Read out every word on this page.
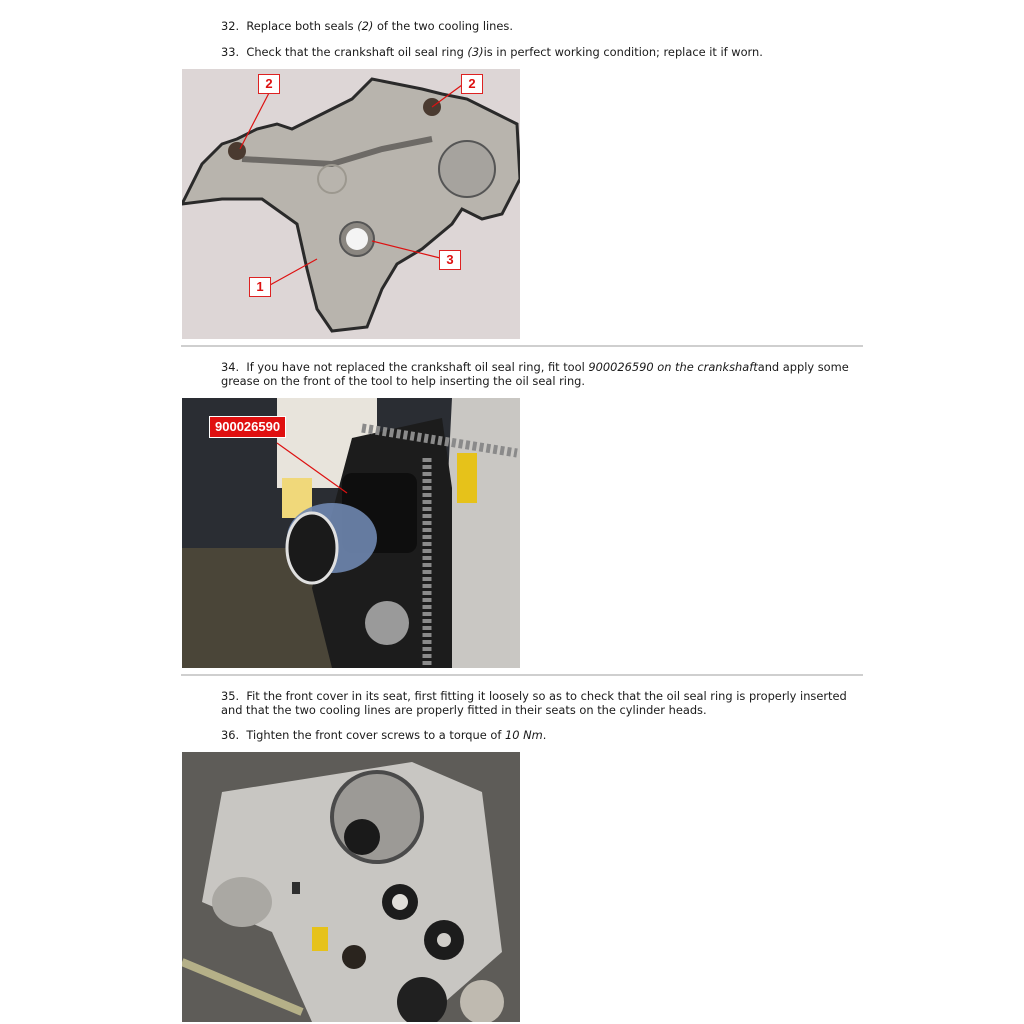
32. Replace both seals (2) of the two cooling lines.
33. Check that the crankshaft oil seal ring (3)is in perfect working condition; replace it if worn.
2	2
3
1
34. If you have not replaced the crankshaft oil seal ring, fit tool 900026590 on the crankshaftand apply some grease on the front of the tool to help inserting the oil seal ring.
900026590
35. Fit the front cover in its seat, first fitting it loosely so as to check that the oil seal ring is properly inserted and that the two cooling lines are properly fitted in their seats on the cylinder heads.
36. Tighten the front cover screws to a torque of 10 Nm.
